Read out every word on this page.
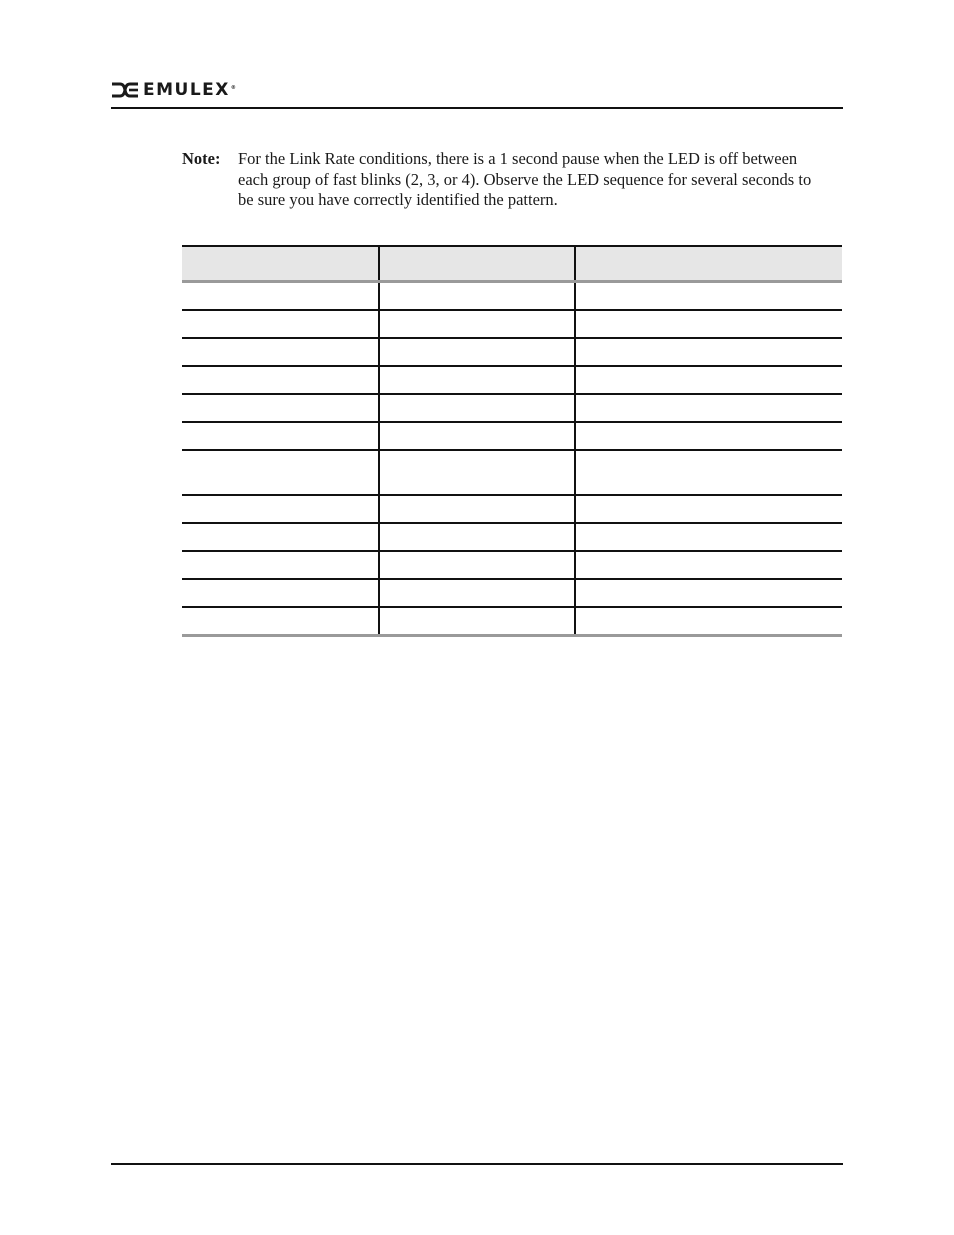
EMULEX®
Note: For the Link Rate conditions, there is a 1 second pause when the LED is off between each group of fast blinks (2, 3, or 4). Observe the LED sequence for several seconds to be sure you have correctly identified the pattern.
